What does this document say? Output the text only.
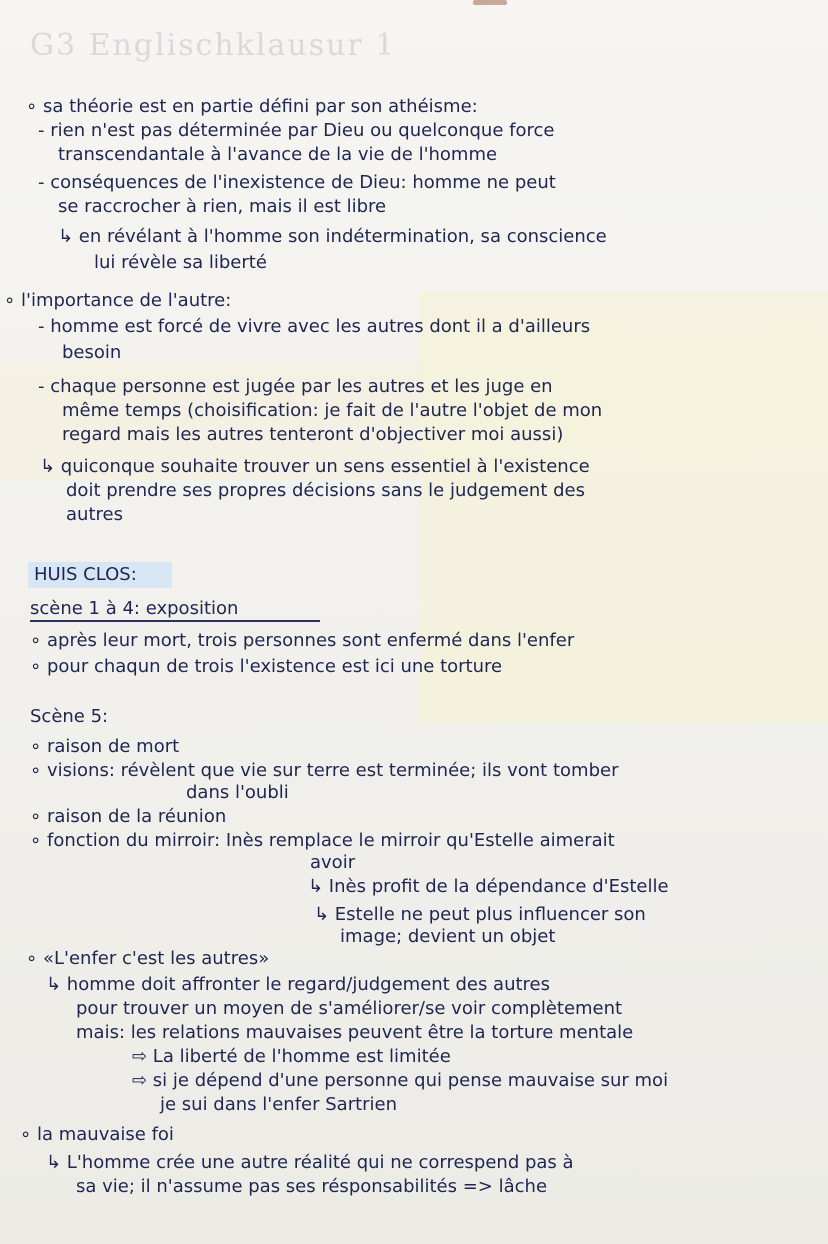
G3 Englischklausur 1
∘ sa théorie est en partie défini par son athéisme:
- rien n'est pas déterminée par Dieu ou quelconque force
transcendantale à l'avance de la vie de l'homme
- conséquences de l'inexistence de Dieu: homme ne peut
se raccrocher à rien, mais il est libre
↳ en révélant à l'homme son indétermination, sa conscience
lui révèle sa liberté
∘ l'importance de l'autre:
- homme est forcé de vivre avec les autres dont il a d'ailleurs
besoin
- chaque personne est jugée par les autres et les juge en
même temps (choisification: je fait de l'autre l'objet de mon
regard mais les autres tenteront d'objectiver moi aussi)
↳ quiconque souhaite trouver un sens essentiel à l'existence
doit prendre ses propres décisions sans le judgement des
autres
HUIS CLOS:
scène 1 à 4: exposition
∘ après leur mort, trois personnes sont enfermé dans l'enfer
∘ pour chaqun de trois l'existence est ici une torture
Scène 5:
∘ raison de mort
∘ visions: révèlent que vie sur terre est terminée; ils vont tomber
dans l'oubli
∘ raison de la réunion
∘ fonction du mirroir: Inès remplace le mirroir qu'Estelle aimerait
avoir
↳ Inès profit de la dépendance d'Estelle
↳ Estelle ne peut plus influencer son
image; devient un objet
∘ «L'enfer c'est les autres»
↳ homme doit affronter le regard/judgement des autres
pour trouver un moyen de s'améliorer/se voir complètement
mais: les relations mauvaises peuvent être la torture mentale
⇨ La liberté de l'homme est limitée
⇨ si je dépend d'une personne qui pense mauvaise sur moi
je sui dans l'enfer Sartrien
∘ la mauvaise foi
↳ L'homme crée une autre réalité qui ne correspend pas à
sa vie; il n'assume pas ses résponsabilités => lâche
